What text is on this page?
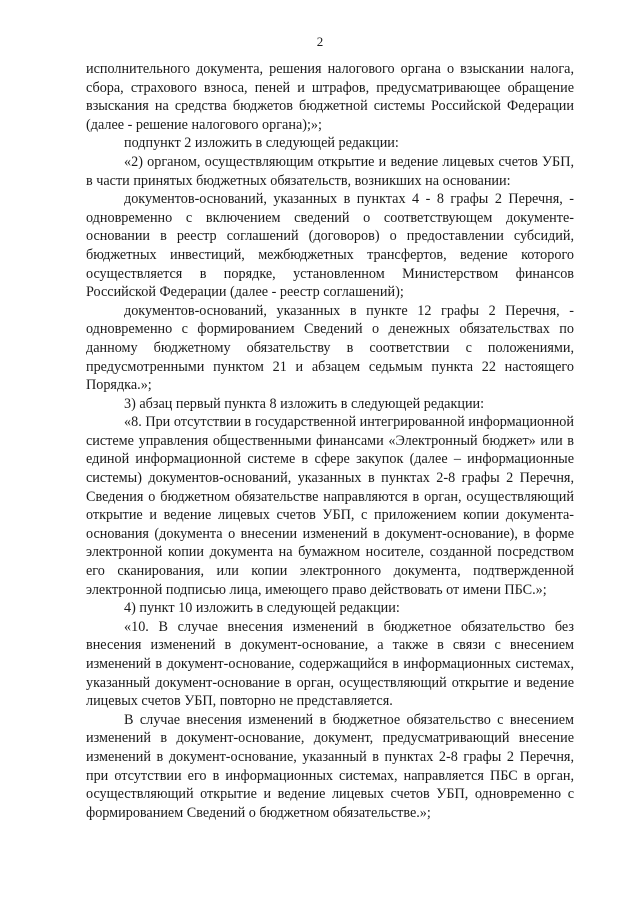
2

исполнительного документа, решения налогового органа о взыскании налога, сбора, страхового взноса, пеней и штрафов, предусматривающее обращение взыскания на средства бюджетов бюджетной системы Российской Федерации (далее - решение налогового органа);»;

подпункт 2 изложить в следующей редакции:

«2) органом, осуществляющим открытие и ведение лицевых счетов УБП, в части принятых бюджетных обязательств, возникших на основании:

документов-оснований, указанных в пунктах 4 - 8 графы 2 Перечня, - одновременно с включением сведений о соответствующем документе-основании в реестр соглашений (договоров) о предоставлении субсидий, бюджетных инвестиций, межбюджетных трансфертов, ведение которого осуществляется в порядке, установленном Министерством финансов Российской Федерации (далее - реестр соглашений);

документов-оснований, указанных в пункте 12 графы 2 Перечня, - одновременно с формированием Сведений о денежных обязательствах по данному бюджетному обязательству в соответствии с положениями, предусмотренными пунктом 21 и абзацем седьмым пункта 22 настоящего Порядка.»;

3) абзац первый пункта 8 изложить в следующей редакции:

«8. При отсутствии в государственной интегрированной информационной системе управления общественными финансами «Электронный бюджет» или в единой информационной системе в сфере закупок (далее – информационные системы) документов-оснований, указанных в пунктах 2-8 графы 2 Перечня, Сведения о бюджетном обязательстве направляются в орган, осуществляющий открытие и ведение лицевых счетов УБП, с приложением копии документа-основания (документа о внесении изменений в документ-основание), в форме электронной копии документа на бумажном носителе, созданной посредством его сканирования, или копии электронного документа, подтвержденной электронной подписью лица, имеющего право действовать от имени ПБС.»;

4) пункт 10 изложить в следующей редакции:

«10. В случае внесения изменений в бюджетное обязательство без внесения изменений в документ-основание, а также в связи с внесением изменений в документ-основание, содержащийся в информационных системах, указанный документ-основание в орган, осуществляющий открытие и ведение лицевых счетов УБП, повторно не представляется.

В случае внесения изменений в бюджетное обязательство с внесением изменений в документ-основание, документ, предусматривающий внесение изменений в документ-основание, указанный в пунктах 2-8 графы 2 Перечня, при отсутствии его в информационных системах, направляется ПБС в орган, осуществляющий открытие и ведение лицевых счетов УБП, одновременно с формированием Сведений о бюджетном обязательстве.»;
